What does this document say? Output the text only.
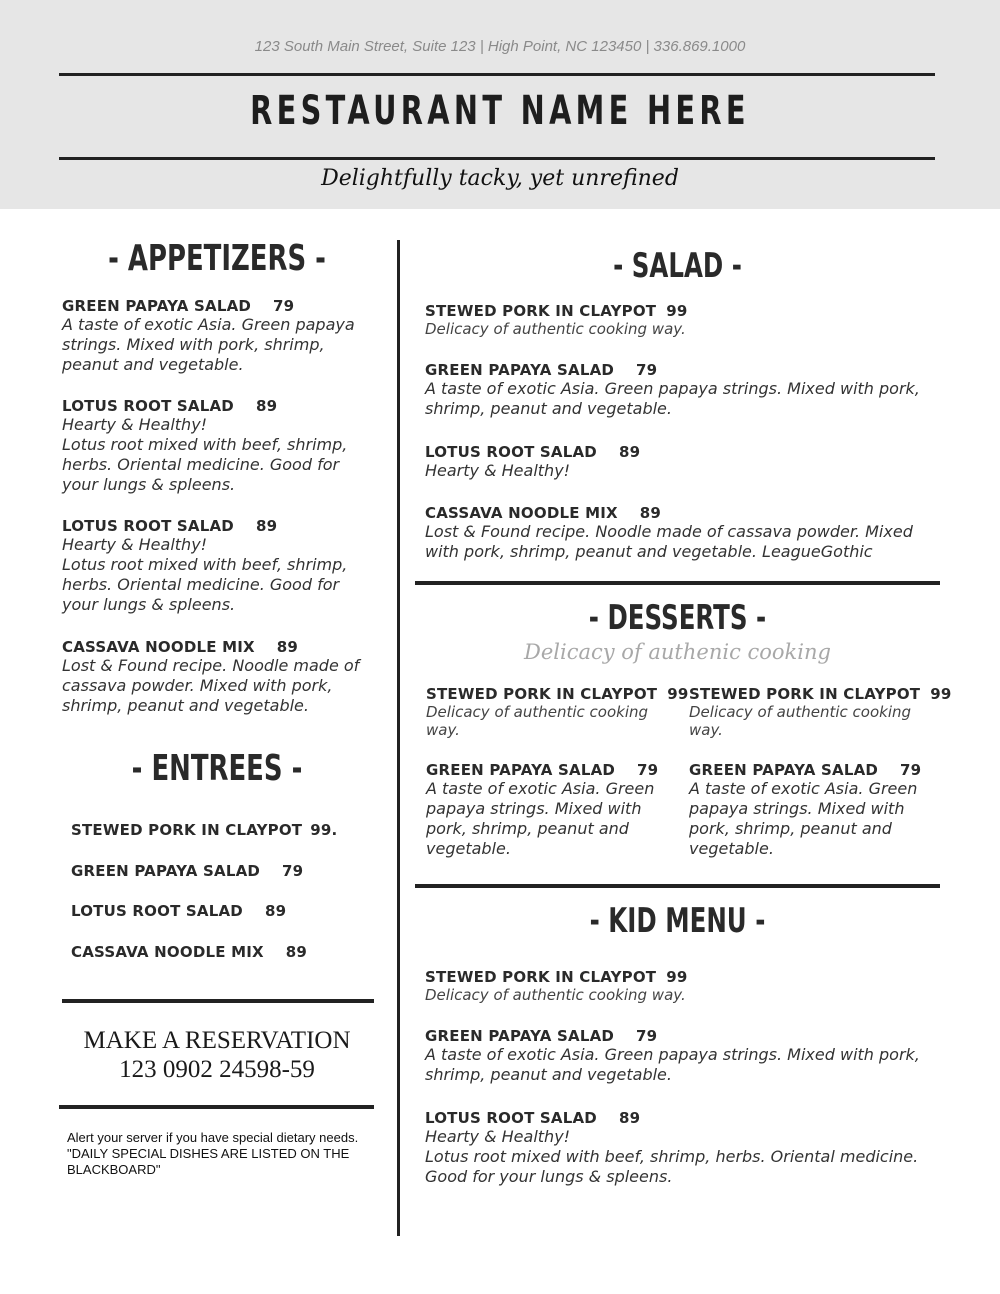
123 South Main Street, Suite 123 | High Point, NC 123450 | 336.869.1000
RESTAURANT NAME HERE
Delightfully tacky, yet unrefined
- APPETIZERS -
GREEN PAPAYA SALAD 79
A taste of exotic Asia. Green papaya strings. Mixed with pork, shrimp, peanut and vegetable.
LOTUS ROOT SALAD 89
Hearty & Healthy!
Lotus root mixed with beef, shrimp, herbs. Oriental medicine. Good for your lungs & spleens.
LOTUS ROOT SALAD 89
Hearty & Healthy!
Lotus root mixed with beef, shrimp, herbs. Oriental medicine. Good for your lungs & spleens.
CASSAVA NOODLE MIX 89
Lost & Found recipe. Noodle made of cassava powder. Mixed with pork, shrimp, peanut and vegetable.
- ENTREES -
STEWED PORK IN CLAYPOT 99.
GREEN PAPAYA SALAD 79
LOTUS ROOT SALAD 89
CASSAVA NOODLE MIX 89
MAKE A RESERVATION
123 0902 24598-59
Alert your server if you have special dietary needs.
"DAILY SPECIAL DISHES ARE LISTED ON THE BLACKBOARD"
- SALAD -
STEWED PORK IN CLAYPOT 99
Delicacy of authentic cooking way.
GREEN PAPAYA SALAD 79
A taste of exotic Asia. Green papaya strings. Mixed with pork, shrimp, peanut and vegetable.
LOTUS ROOT SALAD 89
Hearty & Healthy!
CASSAVA NOODLE MIX 89
Lost & Found recipe. Noodle made of cassava powder. Mixed with pork, shrimp, peanut and vegetable. LeagueGothic
- DESSERTS -
Delicacy of authenic cooking
STEWED PORK IN CLAYPOT 99
Delicacy of authentic cooking way.
STEWED PORK IN CLAYPOT 99
Delicacy of authentic cooking way.
GREEN PAPAYA SALAD 79
A taste of exotic Asia. Green papaya strings. Mixed with pork, shrimp, peanut and vegetable.
GREEN PAPAYA SALAD 79
A taste of exotic Asia. Green papaya strings. Mixed with pork, shrimp, peanut and vegetable.
- KID MENU -
STEWED PORK IN CLAYPOT 99
Delicacy of authentic cooking way.
GREEN PAPAYA SALAD 79
A taste of exotic Asia. Green papaya strings. Mixed with pork, shrimp, peanut and vegetable.
LOTUS ROOT SALAD 89
Hearty & Healthy!
Lotus root mixed with beef, shrimp, herbs. Oriental medicine. Good for your lungs & spleens.
